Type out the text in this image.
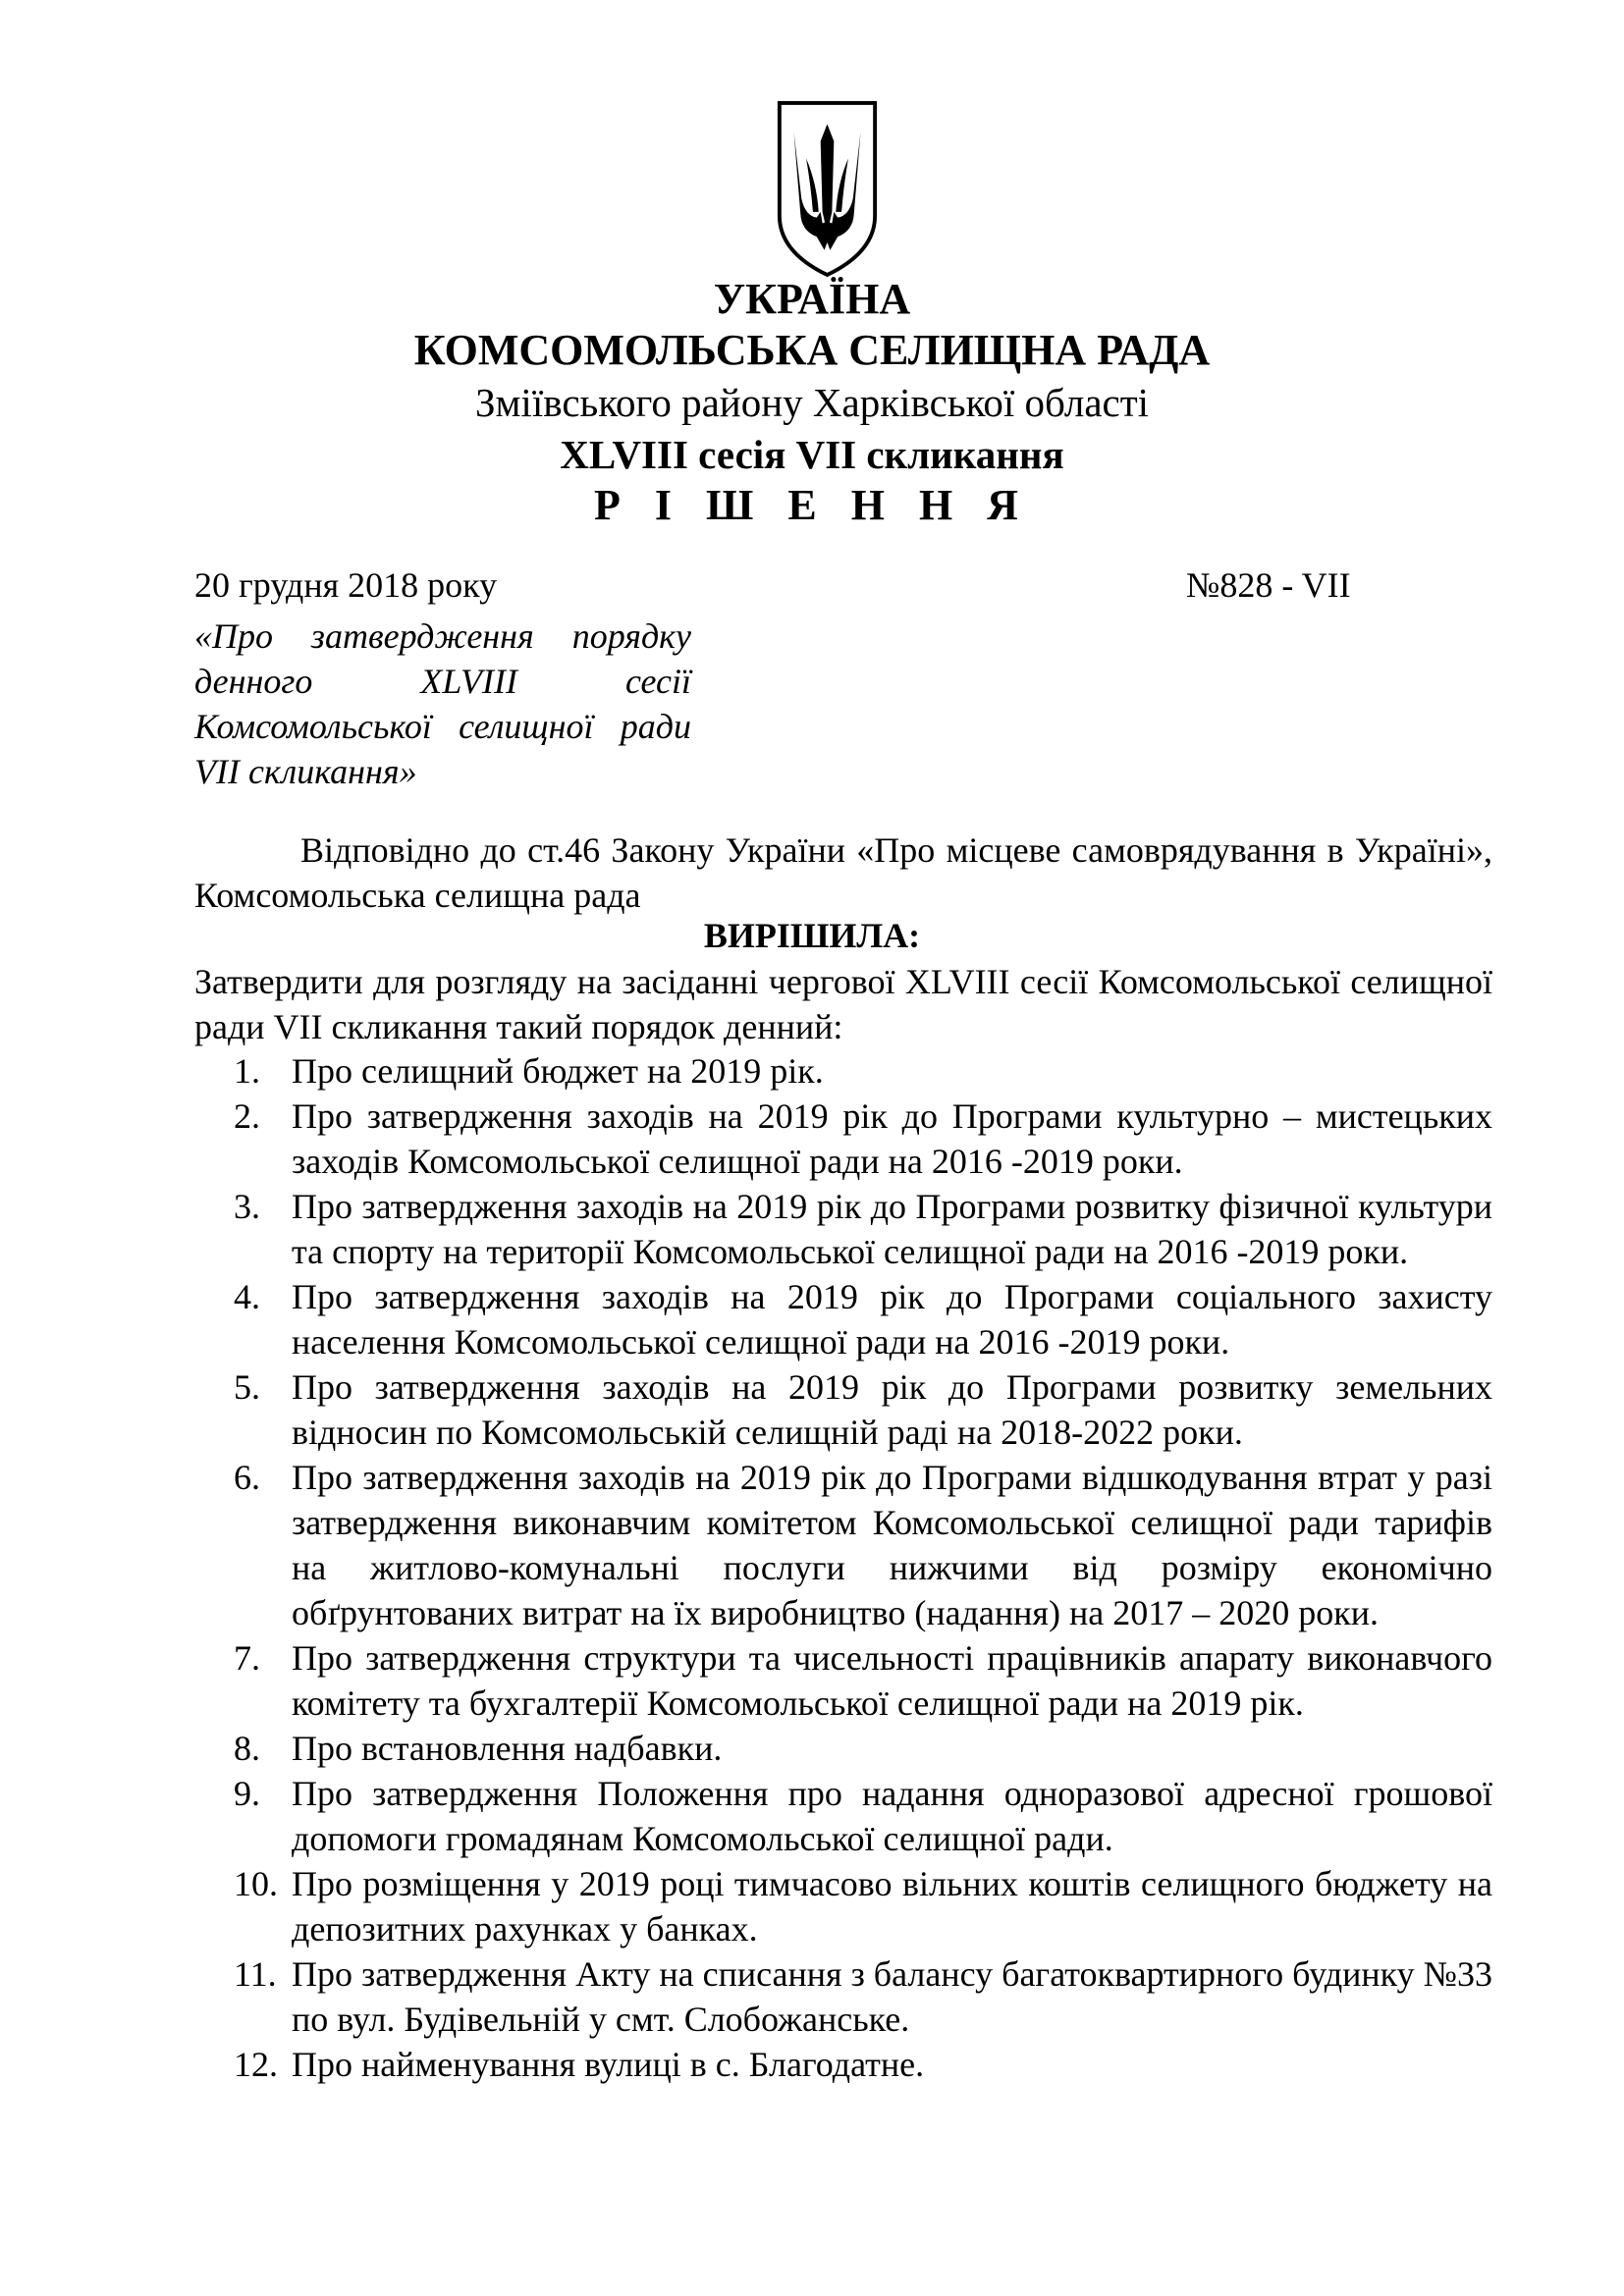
УКРАЇНА
КОМСОМОЛЬСЬКА СЕЛИЩНА РАДА
Зміївського району Харківської області
XLVIII сесія VII скликання
Р І Ш Е Н Н Я
20 грудня 2018 року	№828 - VІІ
«Про затвердження порядку денного XLVIII сесії Комсомольської селищної ради VII скликання»
Відповідно до ст.46 Закону України «Про місцеве самоврядування в Україні», Комсомольська селищна рада
ВИРІШИЛА:
Затвердити для розгляду на засіданні чергової XLVIII сесії Комсомольської селищної ради VII скликання такий порядок денний:
1. Про селищний бюджет на 2019 рік.
2. Про затвердження заходів на 2019 рік до Програми культурно – мистецьких заходів Комсомольської селищної ради на 2016 -2019 роки.
3. Про затвердження заходів на 2019 рік до Програми розвитку фізичної культури та спорту на території Комсомольської селищної ради на 2016 -2019 роки.
4. Про затвердження заходів на 2019 рік до Програми соціального захисту населення Комсомольської селищної ради на 2016 -2019 роки.
5. Про затвердження заходів на 2019 рік до Програми розвитку земельних відносин по Комсомольській селищній раді на 2018-2022 роки.
6. Про затвердження заходів на 2019 рік до Програми відшкодування втрат у разі затвердження виконавчим комітетом Комсомольської селищної ради тарифів на житлово-комунальні послуги нижчими від розміру економічно обґрунтованих витрат на їх виробництво (надання) на 2017 – 2020 роки.
7. Про затвердження структури та чисельності працівників апарату виконавчого комітету та бухгалтерії Комсомольської селищної ради на 2019 рік.
8. Про встановлення надбавки.
9. Про затвердження Положення про надання одноразової адресної грошової допомоги громадянам Комсомольської селищної ради.
10. Про розміщення у 2019 році тимчасово вільних коштів селищного бюджету на депозитних рахунках у банках.
11. Про затвердження Акту на списання з балансу багатоквартирного будинку №33 по вул. Будівельній у смт. Слобожанське.
12. Про найменування вулиці в с. Благодатне.
